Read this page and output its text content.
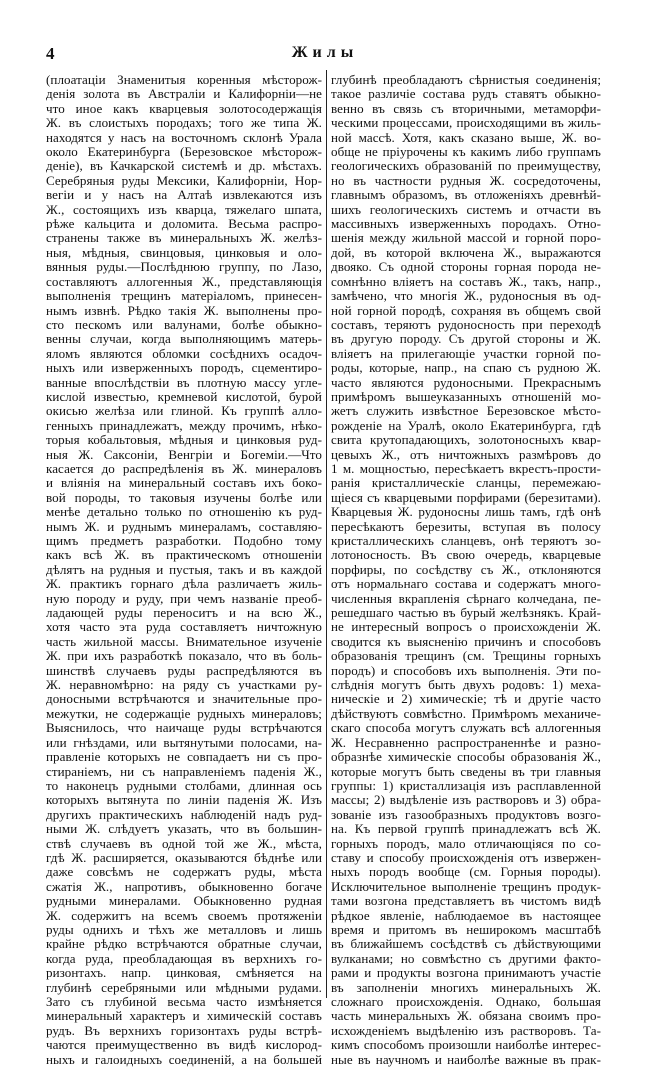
4	Жилы
(плоатаціи Знаменитыя коренныя мѣсторож-
денія золота въ Австраліи и Калифорніи—не
что иное какъ кварцевыя золотосодержащія
Ж. въ слоистыхъ породахъ; того же типа Ж.
находятся у насъ на восточномъ склонѣ Урала
около Екатеринбурга (Березовское мѣсторож-
деніе), въ Качкарской системѣ и др. мѣстахъ.
Серебряныя руды Мексики, Калифорніи, Нор-
вегіи и у насъ на Алтаѣ извлекаются изъ
Ж., состоящихъ изъ кварца, тяжелаго шпата,
рѣже кальцита и доломита. Весьма распро-
странены также въ минеральныхъ Ж. желѣз-
ныя, мѣдныя, свинцовыя, цинковыя и оло-
вянныя руды.—Послѣднюю группу, по Лазо,
составляютъ аллогенныя Ж., представляющія
выполненія трещинъ матеріаломъ, принесен-
нымъ извнѣ. Рѣдко такія Ж. выполнены про-
сто пескомъ или валунами, болѣе обыкно-
венны случаи, когда выполняющимъ матерь-
яломъ являются обломки сосѣднихъ осадоч-
ныхъ или изверженныхъ породъ, сцементиро-
ванные впослѣдствіи въ плотную массу угле-
кислой известью, кремневой кислотой, бурой
окисью желѣза или глиной. Къ группѣ алло-
генныхъ принадлежатъ, между прочимъ, нѣко-
торыя кобальтовыя, мѣдныя и цинковыя руд-
ныя Ж. Саксоніи, Венгріи и Богеміи.—Что
касается до распредѣленія въ Ж. минераловъ
и вліянія на минеральный составъ ихъ боко-
вой породы, то таковыя изучены болѣе или
менѣе детально только по отношенію къ руд-
нымъ Ж. и руднымъ минераламъ, составляю-
щимъ предметъ разработки. Подобно тому
какъ всѣ Ж. въ практическомъ отношеніи
дѣлятъ на рудныя и пустыя, такъ и въ каждой
Ж. практикъ горнаго дѣла различаетъ жиль-
ную породу и руду, при чемъ названіе преоб-
ладающей руды переноситъ и на всю Ж.,
хотя часто эта руда составляетъ ничтожную
часть жильной массы. Внимательное изученіе
Ж. при ихъ разработкѣ показало, что въ боль-
шинствѣ случаевъ руды распредѣляются въ
Ж. неравномѣрно: на ряду съ участками ру-
доносными встрѣчаются и значительные про-
межутки, не содержащіе рудныхъ минераловъ;
Выяснилось, что наичаще руды встрѣчаются
или гнѣздами, или вытянутыми полосами, на-
правленіе которыхъ не совпадаетъ ни съ про-
стираніемъ, ни съ направленіемъ паденія Ж.,
то наконецъ рудными столбами, длинная ось
которыхъ вытянута по линіи паденія Ж. Изъ
другихъ практическихъ наблюденій надъ руд-
ными Ж. слѣдуетъ указать, что въ большин-
ствѣ случаевъ въ одной той же Ж., мѣста,
гдѣ Ж. расширяется, оказываются бѣднѣе или
даже совсѣмъ не содержатъ руды, мѣста
сжатія Ж., напротивъ, обыкновенно богаче
рудными минералами. Обыкновенно рудная
Ж. содержитъ на всемъ своемъ протяженіи
руды однихъ и тѣхъ же металловъ и лишь
крайне рѣдко встрѣчаются обратные случаи,
когда руда, преобладающая въ верхнихъ го-
ризонтахъ. напр. цинковая, смѣняется на
глубинѣ серебряными или мѣдными рудами.
Зато съ глубиной весьма часто измѣняется
минеральный характеръ и химическій составъ
рудъ. Въ верхнихъ горизонтахъ руды встрѣ-
чаются преимущественно въ видѣ кислород-
ныхъ и галоидныхъ соединеній, а на большей
глубинѣ преобладаютъ сѣрнистыя соединенія;
такое различіе состава рудъ ставятъ обыкно-
венно въ связь съ вторичными, метаморфи-
ческими процессами, происходящими въ жиль-
ной массѣ. Хотя, какъ сказано выше, Ж. во-
обще не пріурочены къ какимъ либо группамъ
геологическихъ образованій по преимуществу,
но въ частности рудныя Ж. сосредоточены,
главнымъ образомъ, въ отложеніяхъ древнѣй-
шихъ геологическихъ системъ и отчасти въ
массивныхъ изверженныхъ породахъ. Отно-
шенія между жильной массой и горной поро-
дой, въ которой включена Ж., выражаются
двояко. Съ одной стороны горная порода не-
сомнѣнно вліяетъ на составъ Ж., такъ, напр.,
замѣчено, что многія Ж., рудоносныя въ од-
ной горной породѣ, сохраняя въ общемъ свой
составъ, теряютъ рудоносность при переходѣ
въ другую породу. Съ другой стороны и Ж.
вліяетъ на прилегающіе участки горной по-
роды, которые, напр., на спаю съ рудною Ж.
часто являются рудоносными. Прекраснымъ
примѣромъ вышеуказанныхъ отношеній мо-
жетъ служить извѣстное Березовское мѣсто-
рожденіе на Уралѣ, около Екатеринбурга, гдѣ
свита крутопадающихъ, золотоносныхъ квар-
цевыхъ Ж., отъ ничтожныхъ размѣровъ до
1 м. мощностью, пересѣкаетъ вкрестъ-прости-
ранія кристаллическіе сланцы, перемежаю-
щіеся съ кварцевыми порфирами (березитами).
Кварцевыя Ж. рудоносны лишь тамъ, гдѣ онѣ
пересѣкаютъ березиты, вступая въ полосу
кристаллическихъ сланцевъ, онѣ теряютъ зо-
лотоносность. Въ свою очередь, кварцевые
порфиры, по сосѣдству съ Ж., отклоняются
отъ нормальнаго состава и содержатъ много-
численныя вкрапленія сѣрнаго колчедана, пе-
решедшаго частью въ бурый желѣзнякъ. Край-
не интересный вопросъ о происхожденіи Ж.
сводится къ выясненію причинъ и способовъ
образованія трещинъ (см. Трещины горныхъ
породъ) и способовъ ихъ выполненія. Эти по-
слѣднія могутъ быть двухъ родовъ: 1) меха-
ническіе и 2) химическіе; тѣ и другіе часто
дѣйствуютъ совмѣстно. Примѣромъ механиче-
скаго способа могутъ служать всѣ аллогенныя
Ж. Несравненно распространеннѣе и разно-
образнѣе химическіе способы образованія Ж.,
которые могутъ быть сведены въ три главныя
группы: 1) кристаллизація изъ расплавленной
массы; 2) выдѣленіе изъ растворовъ и 3) обра-
зованіе изъ газообразныхъ продуктовъ возго-
на. Къ первой группѣ принадлежатъ всѣ Ж.
горныхъ породъ, мало отличающіяся по со-
ставу и способу происхожденія отъ извержен-
ныхъ породъ вообще (см. Горныя породы).
Исключительное выполненіе трещинъ продук-
тами возгона представляетъ въ чистомъ видѣ
рѣдкое явленіе, наблюдаемое въ настоящее
время и притомъ въ неширокомъ масштабѣ
въ ближайшемъ сосѣдствѣ съ дѣйствующими
вулканами; но совмѣстно съ другими факто-
рами и продукты возгона принимаютъ участіе
въ заполненіи многихъ минеральныхъ Ж.
сложнаго происхожденія. Однако, большая
часть минеральныхъ Ж. обязана своимъ про-
исхожденіемъ выдѣленію изъ растворовъ. Та-
кимъ способомъ произошли наиболѣе интерес-
ные въ научномъ и наиболѣе важные въ прак-
